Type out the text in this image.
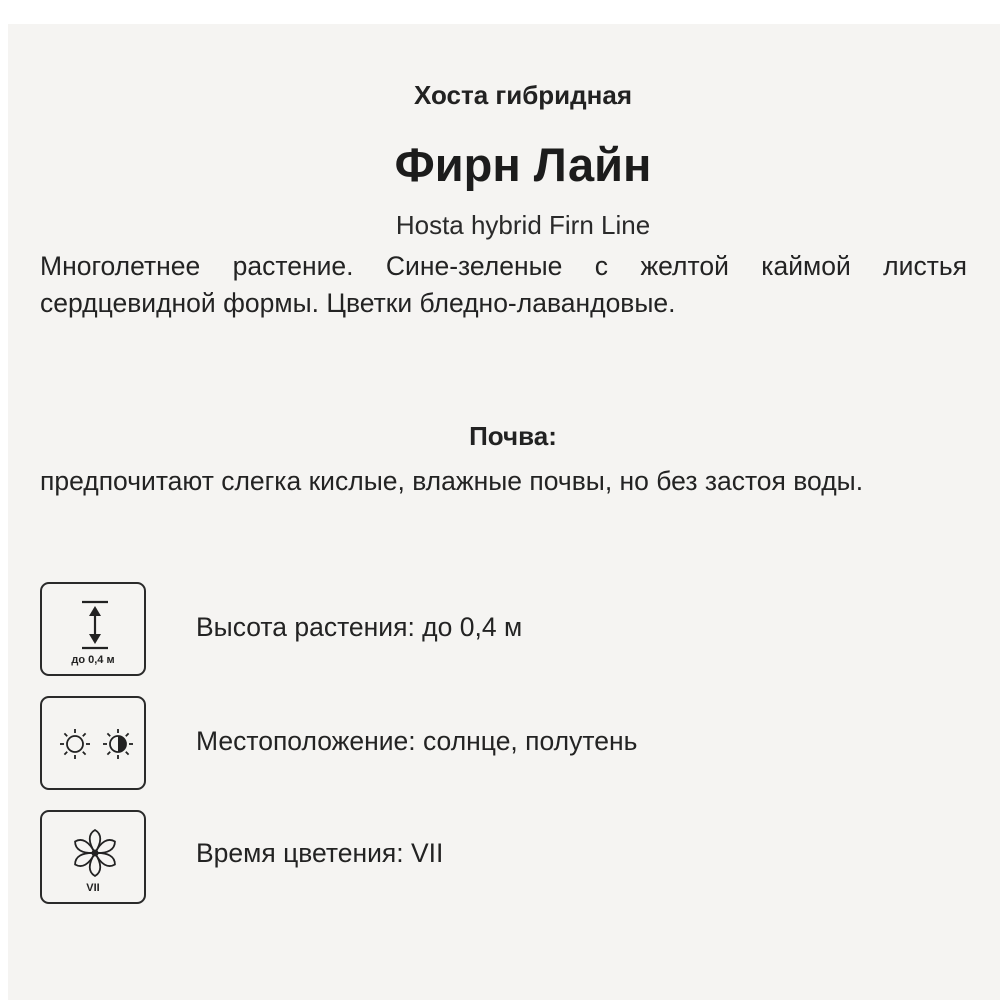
Хоста гибридная
Фирн Лайн
Hosta hybrid Firn Line
Многолетнее растение. Сине-зеленые с желтой каймой листья сердцевидной формы. Цветки бледно-лавандовые.
Почва:
предпочитают слегка кислые, влажные почвы, но без застоя воды.
до 0,4 м
Высота растения: до 0,4 м
Местоположение: солнце, полутень
VII
Время цветения: VII
